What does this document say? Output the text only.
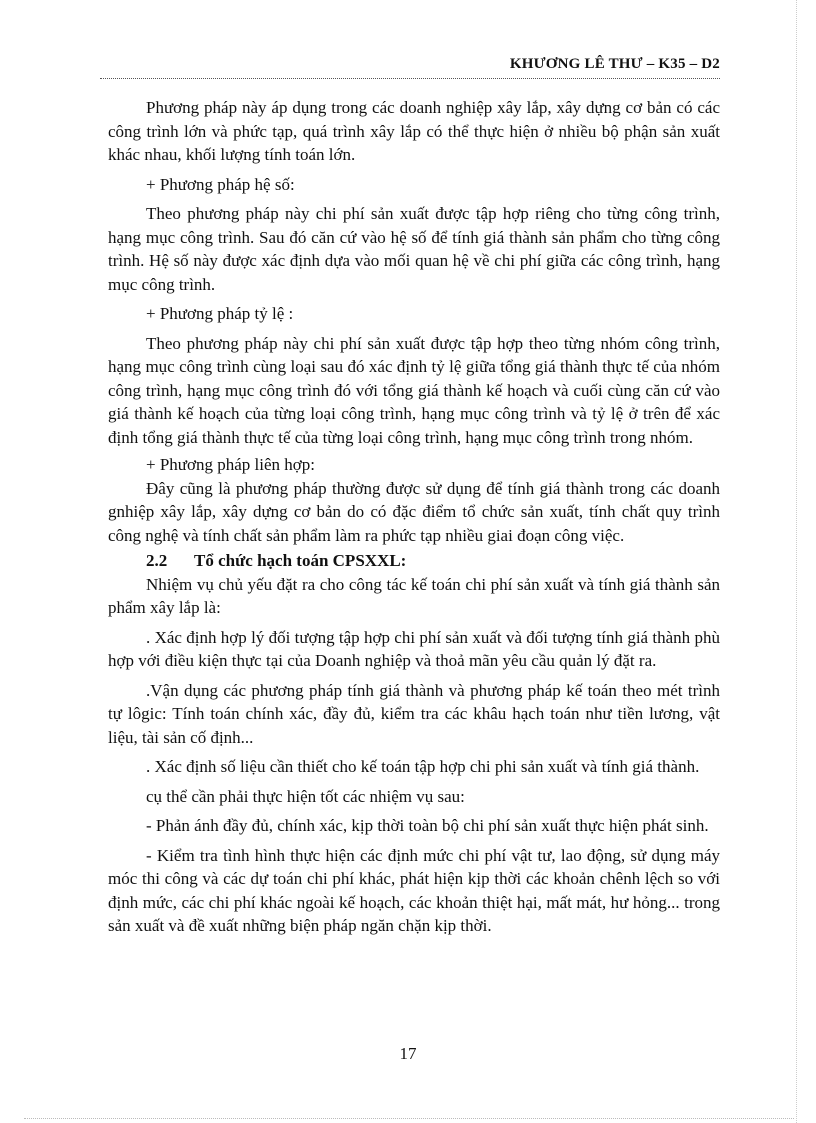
KHƯƠNG LÊ THƯ – K35 – D2

Phương pháp này áp dụng trong các doanh nghiệp xây lắp, xây dựng cơ bản có các công trình lớn và phức tạp, quá trình xây lắp có thể thực hiện ở nhiều bộ phận sản xuất khác nhau, khối lượng tính toán lớn.

+ Phương pháp hệ số:

Theo phương pháp này chi phí sản xuất được tập hợp riêng cho từng công trình, hạng mục công trình. Sau đó căn cứ vào hệ số để tính giá thành sản phẩm cho từng công trình. Hệ số này được xác định dựa vào mối quan hệ về chi phí giữa các công trình, hạng mục công trình.

+ Phương pháp tỷ lệ :

Theo phương pháp này chi phí sản xuất được tập hợp theo từng nhóm công trình, hạng mục công trình cùng loại sau đó xác định tỷ lệ giữa tổng giá thành thực tế của nhóm công trình, hạng mục công trình đó với tổng giá thành kế hoạch và cuối cùng căn cứ vào giá thành kế hoạch của từng loại công trình, hạng mục công trình và tỷ lệ ở trên để xác định tổng giá thành thực tế của từng loại công trình, hạng mục công trình trong nhóm.

+ Phương pháp liên hợp:

Đây cũng là phương pháp thường được sử dụng để tính giá thành trong các doanh gnhiệp xây lắp, xây dựng cơ bản do có đặc điểm tổ chức sản xuất, tính chất quy trình công nghệ và tính chất sản phẩm làm ra phức tạp nhiều giai đoạn công việc.

2.2 Tổ chức hạch toán CPSXXL:

Nhiệm vụ chủ yếu đặt ra cho công tác kế toán chi phí sản xuất và tính giá thành sản phẩm xây lắp là:

. Xác định hợp lý đối tượng tập hợp chi phí sản xuất và đối tượng tính giá thành phù hợp với điều kiện thực tại của Doanh nghiệp và thoả mãn yêu cầu quản lý đặt ra.

.Vận dụng các phương pháp tính giá thành và phương pháp kế toán theo mét trình tự lôgic: Tính toán chính xác, đầy đủ, kiểm tra các khâu hạch toán như tiền lương, vật liệu, tài sản cố định...

. Xác định số liệu cần thiết cho kế toán tập hợp chi phi sản xuất và tính giá thành.

cụ thể cần phải thực hiện tốt các nhiệm vụ sau:

- Phản ánh đầy đủ, chính xác, kịp thời toàn bộ chi phí sản xuất thực hiện phát sinh.

- Kiểm tra tình hình thực hiện các định mức chi phí vật tư, lao động, sử dụng máy móc thi công và các dự toán chi phí khác, phát hiện kịp thời các khoản chênh lệch so với định mức, các chi phí khác ngoài kế hoạch, các khoản thiệt hại, mất mát, hư hỏng... trong sản xuất và đề xuất những biện pháp ngăn chặn kịp thời.

17
